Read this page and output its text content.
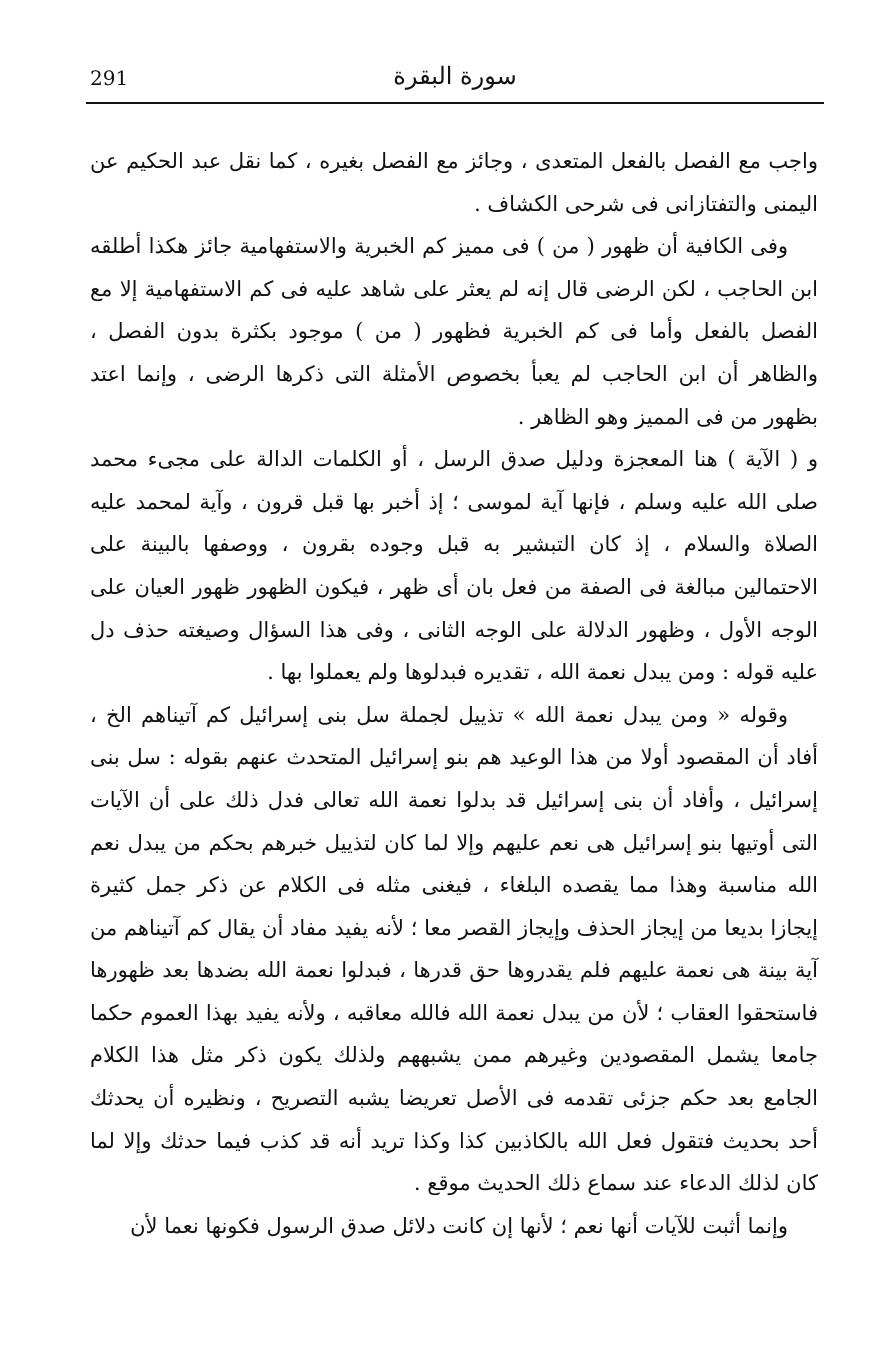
291	سورة البقرة

واجب مع الفصل بالفعل المتعدى ، وجائز مع الفصل بغيره ، كما نقل عبد الحكيم عن اليمنى والتفتازانى فى شرحى الكشاف .

وفى الكافية أن ظهور ( من ) فى مميز كم الخبرية والاستفهامية جائز هكذا أطلقه ابن الحاجب ، لكن الرضى قال إنه لم يعثر على شاهد عليه فى كم الاستفهامية إلا مع الفصل بالفعل وأما فى كم الخبرية فظهور ( من ) موجود بكثرة بدون الفصل ، والظاهر أن ابن الحاجب لم يعبأ بخصوص الأمثلة التى ذكرها الرضى ، وإنما اعتد بظهور من فى المميز وهو الظاهر .

و ( الآية ) هنا المعجزة ودليل صدق الرسل ، أو الكلمات الدالة على مجىء محمد صلى الله عليه وسلم ، فإنها آية لموسى ؛ إذ أخبر بها قبل قرون ، وآية لمحمد عليه الصلاة والسلام ، إذ كان التبشير به قبل وجوده بقرون ، ووصفها بالبينة على الاحتمالين مبالغة فى الصفة من فعل بان أى ظهر ، فيكون الظهور ظهور العيان على الوجه الأول ، وظهور الدلالة على الوجه الثانى ، وفى هذا السؤال وصيغته حذف دل عليه قوله : ومن يبدل نعمة الله ، تقديره فبدلوها ولم يعملوا بها .

وقوله « ومن يبدل نعمة الله » تذييل لجملة سل بنى إسرائيل كم آتيناهم الخ ، أفاد أن المقصود أولا من هذا الوعيد هم بنو إسرائيل المتحدث عنهم بقوله : سل بنى إسرائيل ، وأفاد أن بنى إسرائيل قد بدلوا نعمة الله تعالى فدل ذلك على أن الآيات التى أوتيها بنو إسرائيل هى نعم عليهم وإلا لما كان لتذييل خبرهم بحكم من يبدل نعم الله مناسبة وهذا مما يقصده البلغاء ، فيغنى مثله فى الكلام عن ذكر جمل كثيرة إيجازا بديعا من إيجاز الحذف وإيجاز القصر معا ؛ لأنه يفيد مفاد أن يقال كم آتيناهم من آية بينة هى نعمة عليهم فلم يقدروها حق قدرها ، فبدلوا نعمة الله بضدها بعد ظهورها فاستحقوا العقاب ؛ لأن من يبدل نعمة الله فالله معاقبه ، ولأنه يفيد بهذا العموم حكما جامعا يشمل المقصودين وغيرهم ممن يشبههم ولذلك يكون ذكر مثل هذا الكلام الجامع بعد حكم جزئى تقدمه فى الأصل تعريضا يشبه التصريح ، ونظيره أن يحدثك أحد بحديث فتقول فعل الله بالكاذبين كذا وكذا تريد أنه قد كذب فيما حدثك وإلا لما كان لذلك الدعاء عند سماع ذلك الحديث موقع .

وإنما أثبت للآيات أنها نعم ؛ لأنها إن كانت دلائل صدق الرسول فكونها نعما لأن
